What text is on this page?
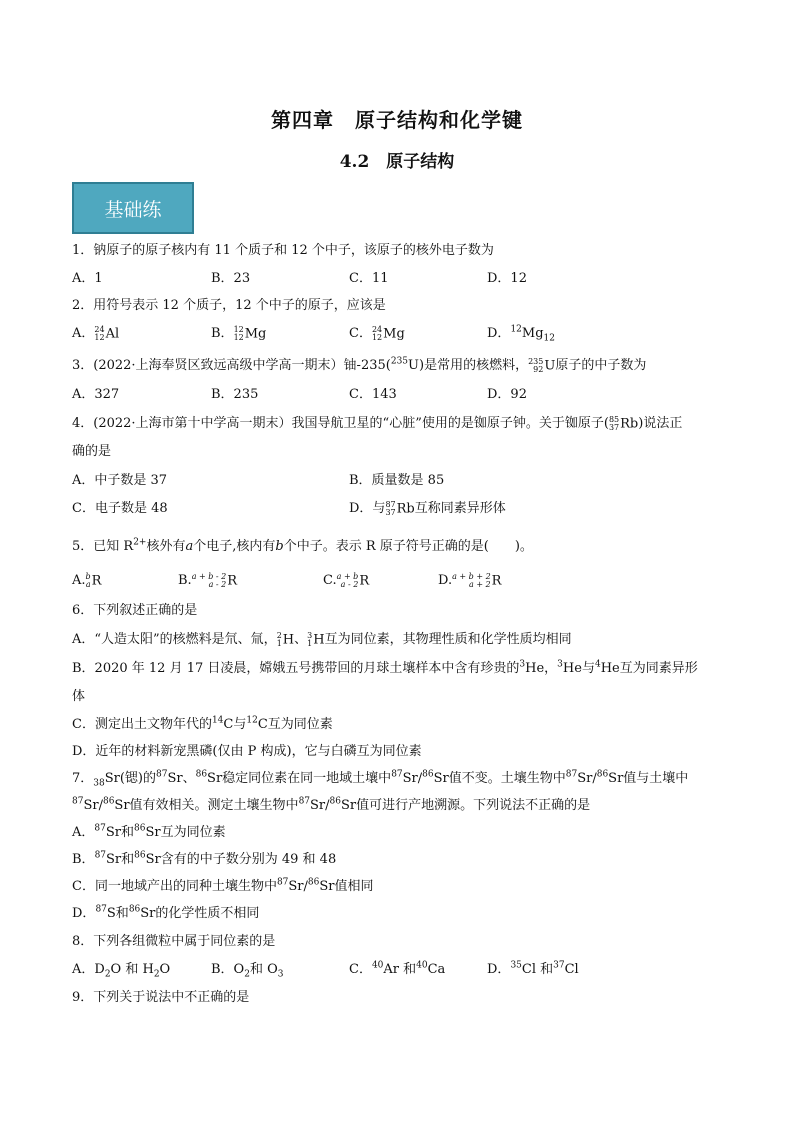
第四章　原子结构和化学键
4.2　原子结构
基础练
1．钠原子的原子核内有 11 个质子和 12 个中子，该原子的核外电子数为
A．1	B．23	C．11	D．12
2．用符号表示 12 个质子，12 个中子的原子，应该是
A． 24
12 Al	B． 12
12 Mg	C． 24
12 Mg	D．$^{12}Mg_{12}$
3．(2022·上海奉贤区致远高级中学高一期末）铀-235($^{235}$U)是常用的核燃料， 235
92 U原子的中子数为
A．327	B．235	C．143	D．92
4．(2022·上海市第十中学高一期末）我国导航卫星的“心脏”使用的是铷原子钟。关于铷原子( 85
37 Rb)说法正
确的是
A．中子数是 37	B．质量数是 85
C．电子数是 48	D．与 87
37 Rb互称同素异形体
5．已知 $R^{2+}$核外有a个电子,核内有b个中子。表示 R 原子符号正确的是(　　)。
A. b
a R	B. a + b - 2
a - 2 R	C. a + b
a - 2 R	D. a + b + 2
a + 2 R
6．下列叙述正确的是
A．“人造太阳”的核燃料是氘、氚， 2
1 H、 3
1 H互为同位素，其物理性质和化学性质均相同
B．2020 年 12 月 17 日凌晨，嫦娥五号携带回的月球土壤样本中含有珍贵的$^3$He，$^3$He与$^4$He互为同素异形
体
C．测定出土文物年代的$^{14}$C与$^{12}$C互为同位素
D．近年的材料新宠黑磷(仅由 P 构成)，它与白磷互为同位素
7．$_{38}$Sr(锶)的$^{87}$Sr、$^{86}$Sr稳定同位素在同一地域土壤中$^{87}$Sr/$^{86}$Sr值不变。土壤生物中$^{87}$Sr/$^{86}$Sr值与土壤中
$^{87}$Sr/$^{86}$Sr值有效相关。测定土壤生物中$^{87}$Sr/$^{86}$Sr值可进行产地溯源。下列说法不正确的是
A．$^{87}$Sr和$^{86}$Sr互为同位素
B．$^{87}$Sr和$^{86}$Sr含有的中子数分别为 49 和 48
C．同一地域产出的同种土壤生物中$^{87}$Sr/$^{86}$Sr值相同
D．$^{87}$S和$^{86}$Sr的化学性质不相同
8．下列各组微粒中属于同位素的是
A．$D_2O$ 和 $H_2O$	B．$O_2$和 $O_3$	C．$^{40}$Ar 和$^{40}$Ca	D．$^{35}$Cl 和$^{37}$Cl
9．下列关于说法中不正确的是
